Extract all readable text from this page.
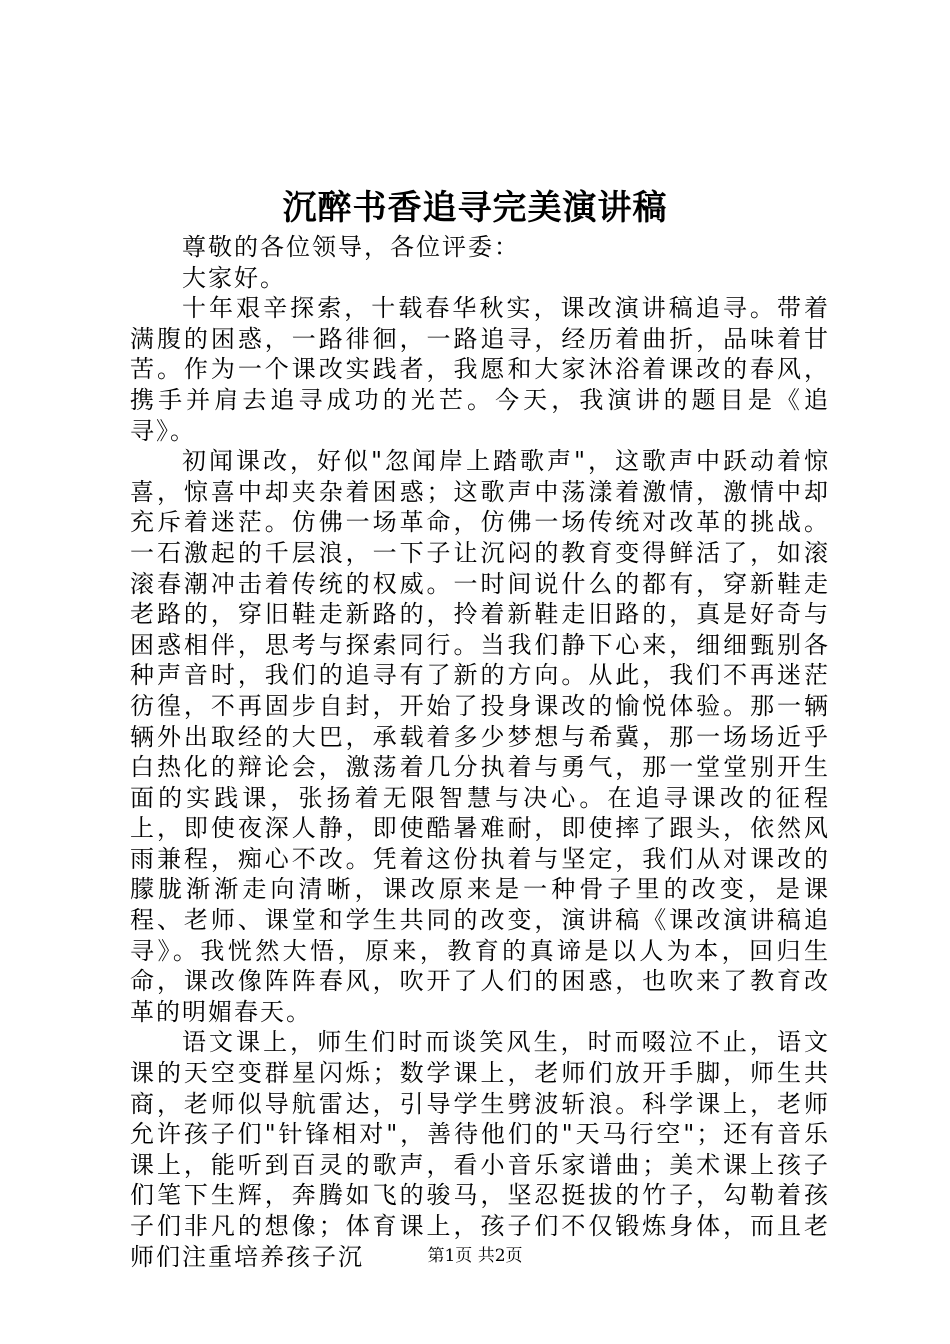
沉醉书香追寻完美演讲稿

尊敬的各位领导，各位评委：

大家好。

十年艰辛探索，十载春华秋实，课改演讲稿追寻。带着满腹的困惑，一路徘徊，一路追寻，经历着曲折，品味着甘苦。作为一个课改实践者，我愿和大家沐浴着课改的春风，携手并肩去追寻成功的光芒。今天，我演讲的题目是《追寻》。

初闻课改，好似"忽闻岸上踏歌声"，这歌声中跃动着惊喜，惊喜中却夹杂着困惑；这歌声中荡漾着激情，激情中却充斥着迷茫。仿佛一场革命，仿佛一场传统对改革的挑战。一石激起的千层浪，一下子让沉闷的教育变得鲜活了，如滚滚春潮冲击着传统的权威。一时间说什么的都有，穿新鞋走老路的，穿旧鞋走新路的，拎着新鞋走旧路的，真是好奇与困惑相伴，思考与探索同行。当我们静下心来，细细甄别各种声音时，我们的追寻有了新的方向。从此，我们不再迷茫彷徨，不再固步自封，开始了投身课改的愉悦体验。那一辆辆外出取经的大巴，承载着多少梦想与希冀，那一场场近乎白热化的辩论会，激荡着几分执着与勇气，那一堂堂别开生面的实践课，张扬着无限智慧与决心。在追寻课改的征程上，即使夜深人静，即使酷暑难耐，即使摔了跟头，依然风雨兼程，痴心不改。凭着这份执着与坚定，我们从对课改的朦胧渐渐走向清晰，课改原来是一种骨子里的改变，是课程、老师、课堂和学生共同的改变，演讲稿《课改演讲稿追寻》。我恍然大悟，原来，教育的真谛是以人为本，回归生命，课改像阵阵春风，吹开了人们的困惑，也吹来了教育改革的明媚春天。

语文课上，师生们时而谈笑风生，时而啜泣不止，语文课的天空变群星闪烁；数学课上，老师们放开手脚，师生共商，老师似导航雷达，引导学生劈波斩浪。科学课上，老师允许孩子们"针锋相对"，善待他们的"天马行空"；还有音乐课上，能听到百灵的歌声，看小音乐家谱曲；美术课上孩子们笔下生辉，奔腾如飞的骏马，坚忍挺拔的竹子，勾勒着孩子们非凡的想像；体育课上，孩子们不仅锻炼身体，而且老师们注重培养孩子沉	第1页 共2页
